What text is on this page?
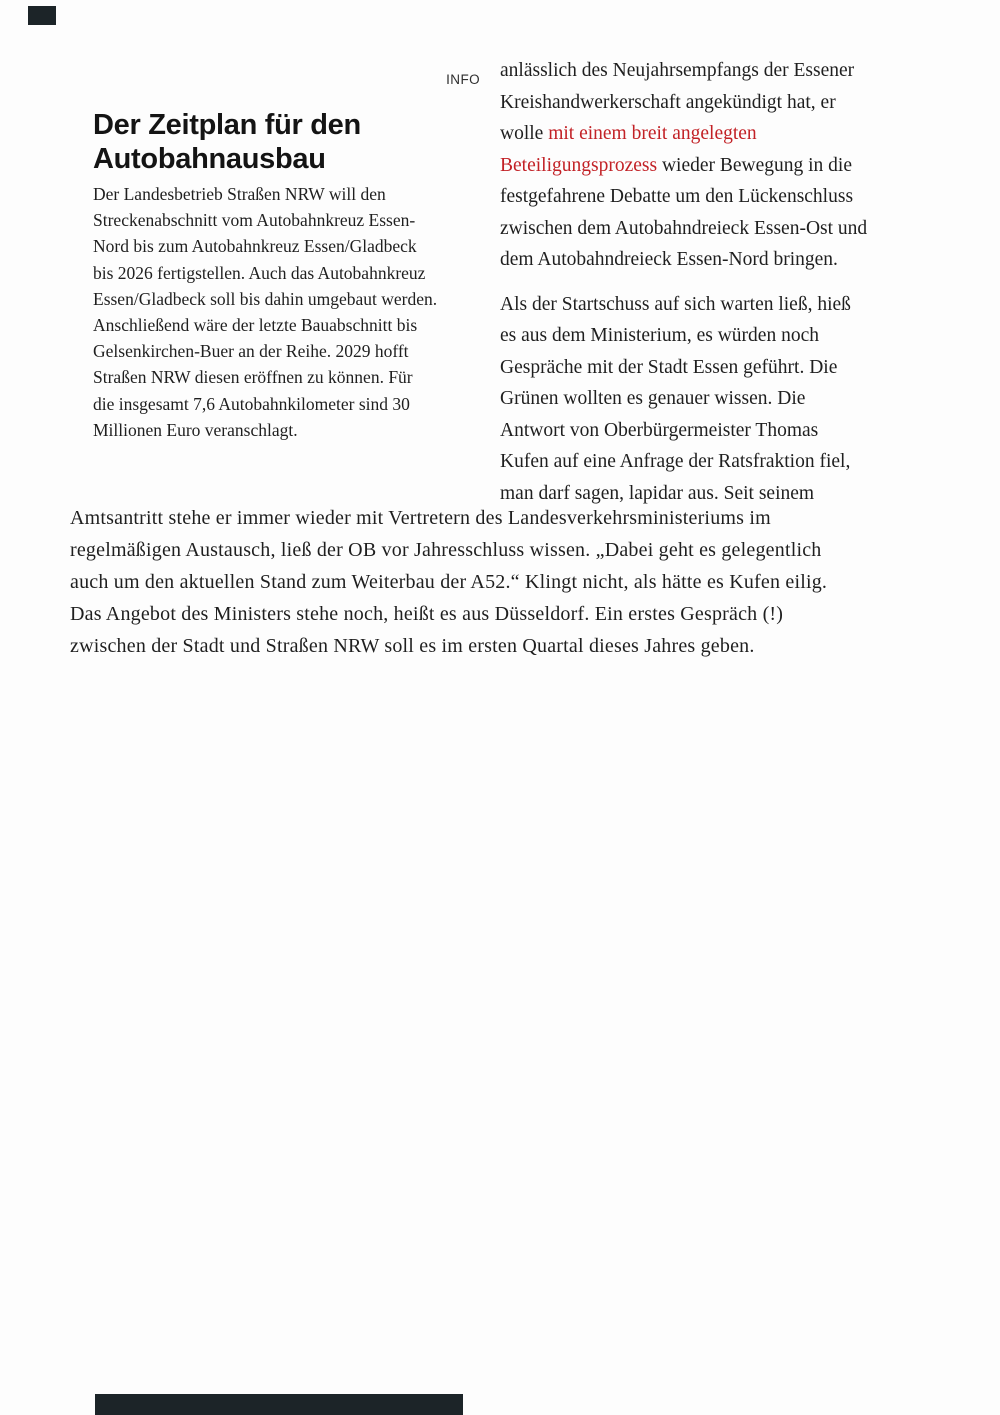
INFO
Der Zeitplan für den Autobahnausbau
Der Landesbetrieb Straßen NRW will den
Streckenabschnitt vom Autobahnkreuz Essen-
Nord bis zum Autobahnkreuz Essen/Gladbeck
bis 2026 fertigstellen. Auch das Autobahnkreuz
Essen/Gladbeck soll bis dahin umgebaut werden.
Anschließend wäre der letzte Bauabschnitt bis
Gelsenkirchen-Buer an der Reihe. 2029 hofft
Straßen NRW diesen eröffnen zu können. Für
die insgesamt 7,6 Autobahnkilometer sind 30
Millionen Euro veranschlagt.
anlässlich des Neujahrsempfangs der Essener
Kreishandwerkerschaft angekündigt hat, er
wolle mit einem breit angelegten
Beteiligungsprozess wieder Bewegung in die
festgefahrene Debatte um den Lückenschluss
zwischen dem Autobahndreieck Essen-Ost und
dem Autobahndreieck Essen-Nord bringen.
Als der Startschuss auf sich warten ließ, hieß
es aus dem Ministerium, es würden noch
Gespräche mit der Stadt Essen geführt. Die
Grünen wollten es genauer wissen. Die
Antwort von Oberbürgermeister Thomas
Kufen auf eine Anfrage der Ratsfraktion fiel,
man darf sagen, lapidar aus. Seit seinem
Amtsantritt stehe er immer wieder mit Vertretern des Landesverkehrsministeriums im
regelmäßigen Austausch, ließ der OB vor Jahresschluss wissen. „Dabei geht es gelegentlich
auch um den aktuellen Stand zum Weiterbau der A52.“ Klingt nicht, als hätte es Kufen eilig.
Das Angebot des Ministers stehe noch, heißt es aus Düsseldorf. Ein erstes Gespräch (!)
zwischen der Stadt und Straßen NRW soll es im ersten Quartal dieses Jahres geben.
